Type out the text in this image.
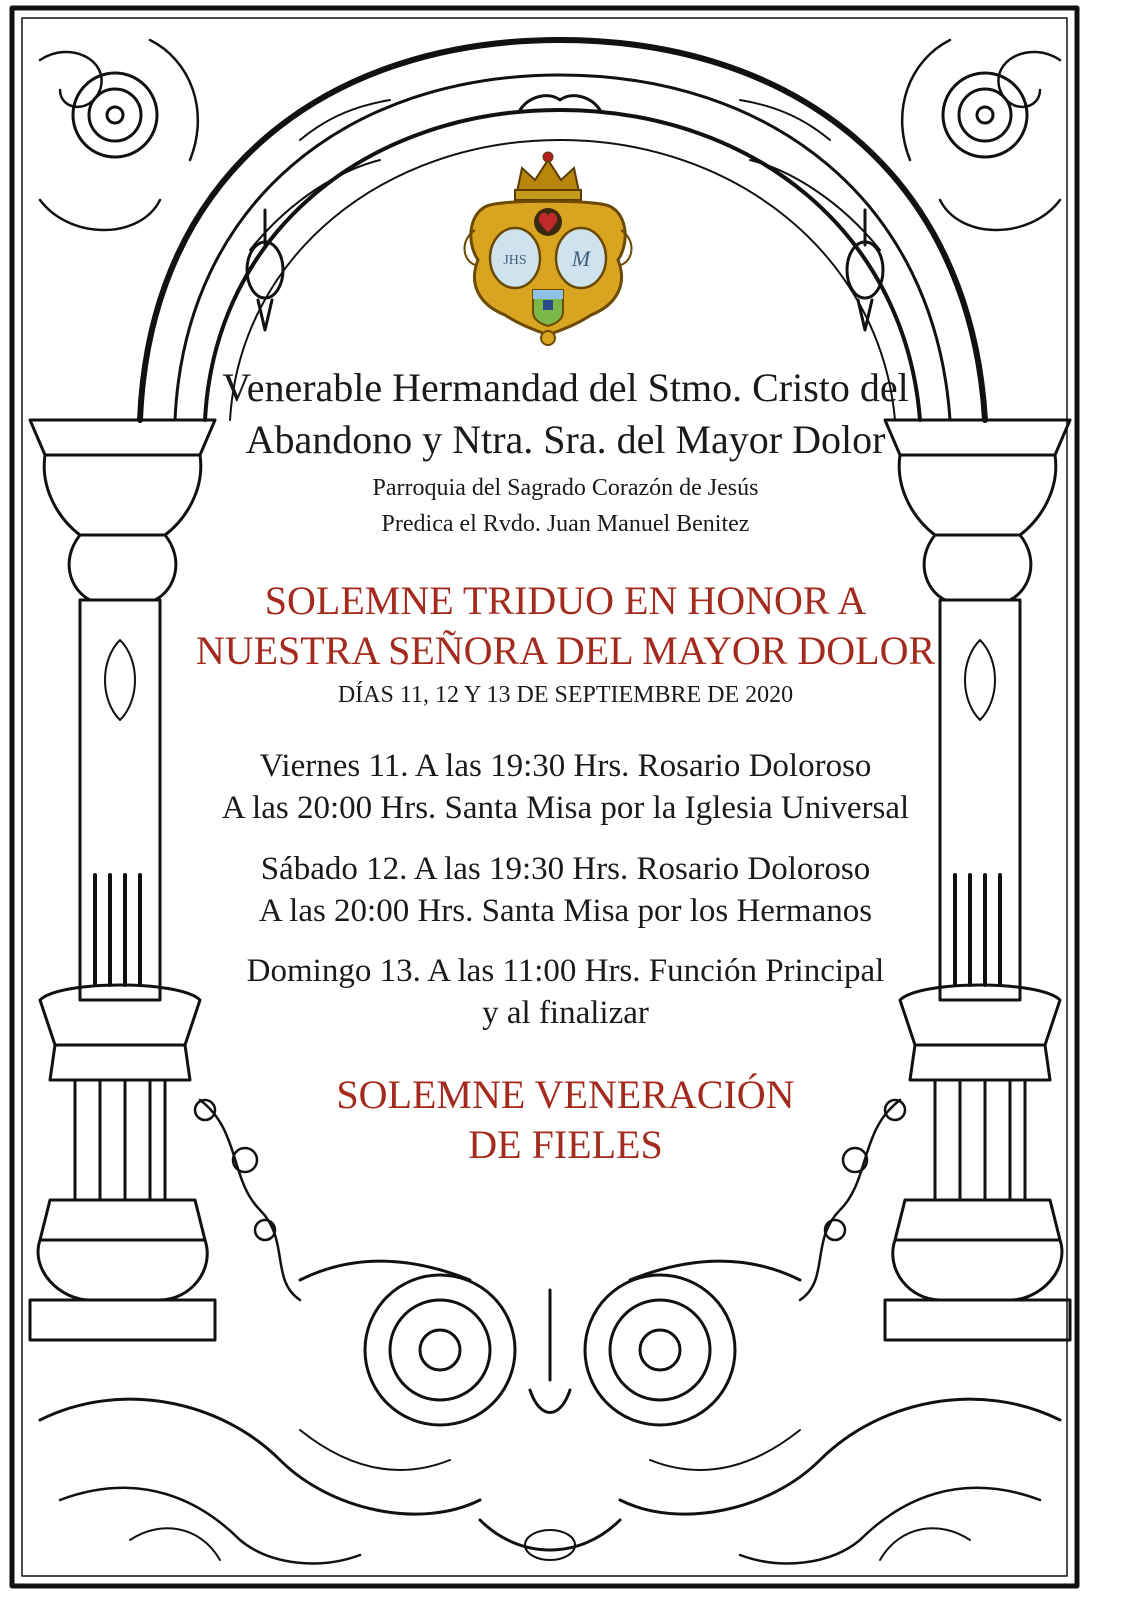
JHS M
Venerable Hermandad del Stmo. Cristo del
Abandono y Ntra. Sra. del Mayor Dolor
Parroquia del Sagrado Corazón de Jesús
Predica el Rvdo. Juan Manuel Benitez
SOLEMNE TRIDUO EN HONOR A
NUESTRA SEÑORA DEL MAYOR DOLOR
DÍAS 11, 12 Y 13 DE SEPTIEMBRE DE 2020
Viernes 11. A las 19:30 Hrs. Rosario Doloroso
A las 20:00 Hrs. Santa Misa por la Iglesia Universal
Sábado 12. A las 19:30 Hrs. Rosario Doloroso
A las 20:00 Hrs. Santa Misa por los Hermanos
Domingo 13. A las 11:00 Hrs. Función Principal
y al finalizar
SOLEMNE VENERACIÓN
DE FIELES
